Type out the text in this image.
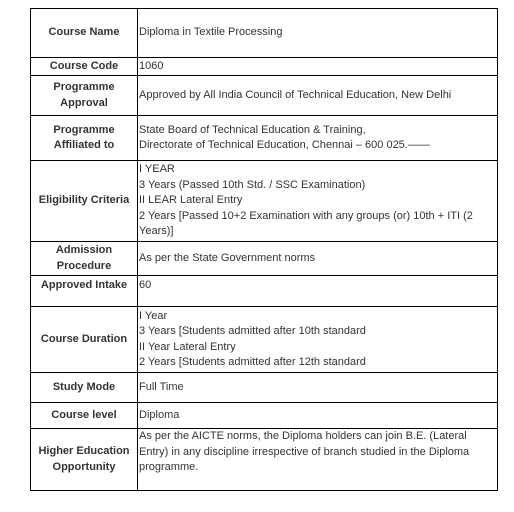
Course Name	Diploma in Textile Processing

Course Code	1060

Programme Approval	Approved by All India Council of Technical Education, New Delhi

Programme Affiliated to	State Board of Technical Education & Training,
Directorate of Technical Education, Chennai – 600 025.——

Eligibility Criteria	I YEAR
3 Years (Passed 10th Std. / SSC Examination)
II LEAR Lateral Entry
2 Years [Passed 10+2 Examination with any groups (or) 10th + ITI (2 Years)]

Admission Procedure	As per the State Government norms

Approved Intake	60

Course Duration	I Year
3 Years [Students admitted after 10th standard
II Year Lateral Entry
2 Years [Students admitted after 12th standard

Study Mode	Full Time

Course level	Diploma

Higher Education Opportunity	As per the AICTE norms, the Diploma holders can join B.E. (Lateral Entry) in any discipline irrespective of branch studied in the Diploma programme.
